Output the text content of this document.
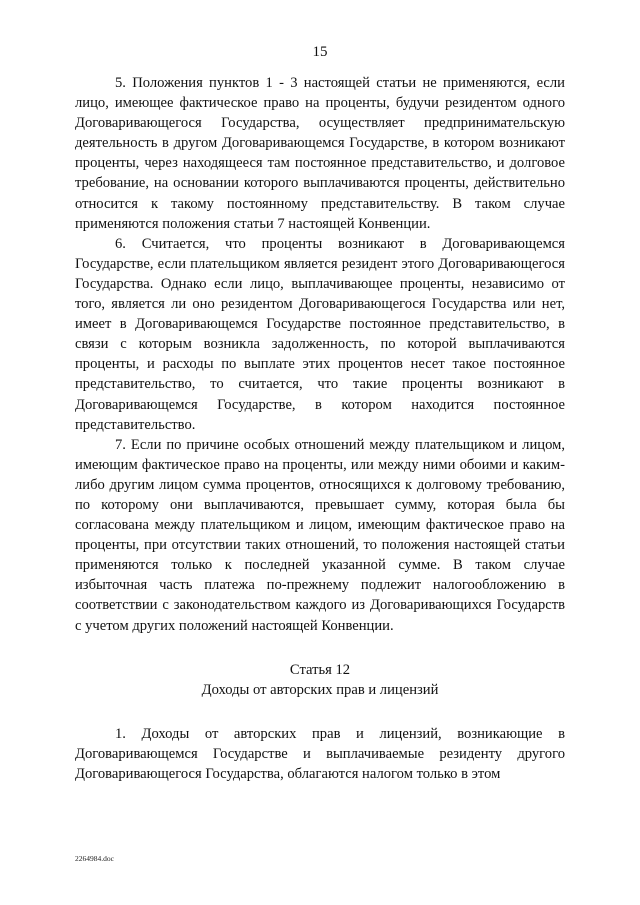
15

5. Положения пунктов 1 - 3 настоящей статьи не применяются, если лицо, имеющее фактическое право на проценты, будучи резидентом одного Договаривающегося Государства, осуществляет предпринимательскую деятельность в другом Договаривающемся Государстве, в котором возникают проценты, через находящееся там постоянное представительство, и долговое требование, на основании которого выплачиваются проценты, действительно относится к такому постоянному представительству. В таком случае применяются положения статьи 7 настоящей Конвенции.

6. Считается, что проценты возникают в Договаривающемся Государстве, если плательщиком является резидент этого Договаривающегося Государства. Однако если лицо, выплачивающее проценты, независимо от того, является ли оно резидентом Договаривающегося Государства или нет, имеет в Договаривающемся Государстве постоянное представительство, в связи с которым возникла задолженность, по которой выплачиваются проценты, и расходы по выплате этих процентов несет такое постоянное представительство, то считается, что такие проценты возникают в Договаривающемся Государстве, в котором находится постоянное представительство.

7. Если по причине особых отношений между плательщиком и лицом, имеющим фактическое право на проценты, или между ними обоими и каким-либо другим лицом сумма процентов, относящихся к долговому требованию, по которому они выплачиваются, превышает сумму, которая была бы согласована между плательщиком и лицом, имеющим фактическое право на проценты, при отсутствии таких отношений, то положения настоящей статьи применяются только к последней указанной сумме. В таком случае избыточная часть платежа по-прежнему подлежит налогообложению в соответствии с законодательством каждого из Договаривающихся Государств с учетом других положений настоящей Конвенции.

Статья 12

Доходы от авторских прав и лицензий

1. Доходы от авторских прав и лицензий, возникающие в Договаривающемся Государстве и выплачиваемые резиденту другого Договаривающегося Государства, облагаются налогом только в этом

2264984.doc
